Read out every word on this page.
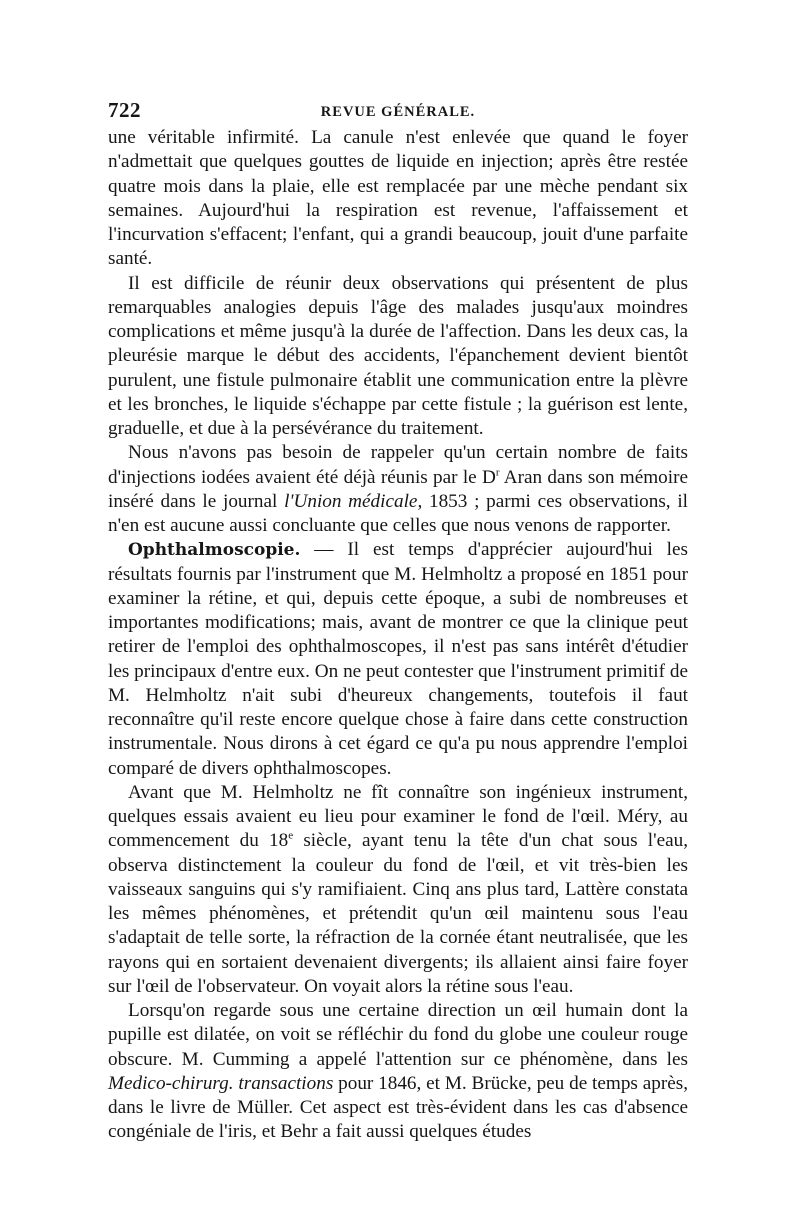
722	REVUE GÉNÉRALE.

une véritable infirmité. La canule n'est enlevée que quand le foyer n'admettait que quelques gouttes de liquide en injection; après être restée quatre mois dans la plaie, elle est remplacée par une mèche pendant six semaines. Aujourd'hui la respiration est revenue, l'affaissement et l'incurvation s'effacent; l'enfant, qui a grandi beaucoup, jouit d'une parfaite santé.

Il est difficile de réunir deux observations qui présentent de plus remarquables analogies depuis l'âge des malades jusqu'aux moindres complications et même jusqu'à la durée de l'affection. Dans les deux cas, la pleurésie marque le début des accidents, l'épanchement devient bientôt purulent, une fistule pulmonaire établit une communication entre la plèvre et les bronches, le liquide s'échappe par cette fistule ; la guérison est lente, graduelle, et due à la persévérance du traitement.

Nous n'avons pas besoin de rappeler qu'un certain nombre de faits d'injections iodées avaient été déjà réunis par le $D^r$ Aran dans son mémoire inséré dans le journal l'Union médicale, 1853 ; parmi ces observations, il n'en est aucune aussi concluante que celles que nous venons de rapporter.

Ophthalmoscopie. — Il est temps d'apprécier aujourd'hui les résultats fournis par l'instrument que M. Helmholtz a proposé en 1851 pour examiner la rétine, et qui, depuis cette époque, a subi de nombreuses et importantes modifications; mais, avant de montrer ce que la clinique peut retirer de l'emploi des ophthalmoscopes, il n'est pas sans intérêt d'étudier les principaux d'entre eux. On ne peut contester que l'instrument primitif de M. Helmholtz n'ait subi d'heureux changements, toutefois il faut reconnaître qu'il reste encore quelque chose à faire dans cette construction instrumentale. Nous dirons à cet égard ce qu'a pu nous apprendre l'emploi comparé de divers ophthalmoscopes.

Avant que M. Helmholtz ne fît connaître son ingénieux instrument, quelques essais avaient eu lieu pour examiner le fond de l'œil. Méry, au commencement du 18e siècle, ayant tenu la tête d'un chat sous l'eau, observa distinctement la couleur du fond de l'œil, et vit très-bien les vaisseaux sanguins qui s'y ramifiaient. Cinq ans plus tard, Lattère constata les mêmes phénomènes, et prétendit qu'un œil maintenu sous l'eau s'adaptait de telle sorte, la réfraction de la cornée étant neutralisée, que les rayons qui en sortaient devenaient divergents; ils allaient ainsi faire foyer sur l'œil de l'observateur. On voyait alors la rétine sous l'eau.

Lorsqu'on regarde sous une certaine direction un œil humain dont la pupille est dilatée, on voit se réfléchir du fond du globe une couleur rouge obscure. M. Cumming a appelé l'attention sur ce phénomène, dans les Medico-chirurg. transactions pour 1846, et M. Brücke, peu de temps après, dans le livre de Müller. Cet aspect est très-évident dans les cas d'absence congéniale de l'iris, et Behr a fait aussi quelques études
